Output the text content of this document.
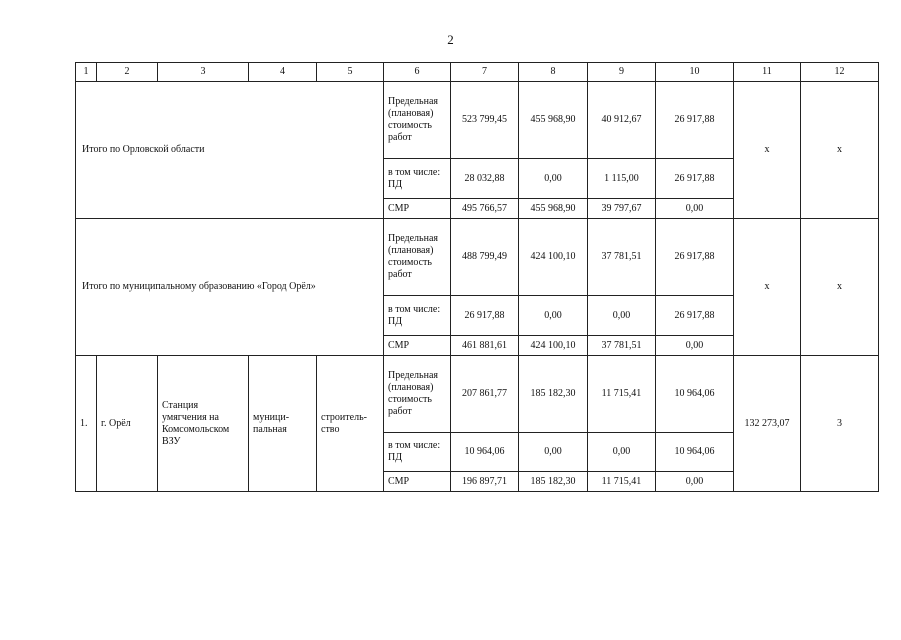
2
1	2	3	4	5	6	7	8	9	10	11	12
Итого по Орловской области					Предельная (плановая) стоимость работ	523 799,45	455 968,90	40 912,67	26 917,88	х	х
					в том числе: ПД	28 032,88	0,00	1 115,00	26 917,88		
					СМР	495 766,57	455 968,90	39 797,67	0,00		
Итого по муниципальному образованию «Город Орёл»					Предельная (плановая) стоимость работ	488 799,49	424 100,10	37 781,51	26 917,88	х	х
					в том числе: ПД	26 917,88	0,00	0,00	26 917,88		
					СМР	461 881,61	424 100,10	37 781,51	0,00		
1.	г. Орёл	Станция умягчения на Комсомольском ВЗУ	муници-пальная	строитель-ство	Предельная (плановая) стоимость работ	207 861,77	185 182,30	11 715,41	10 964,06	132 273,07	3
					в том числе: ПД	10 964,06	0,00	0,00	10 964,06		
					СМР	196 897,71	185 182,30	11 715,41	0,00		
